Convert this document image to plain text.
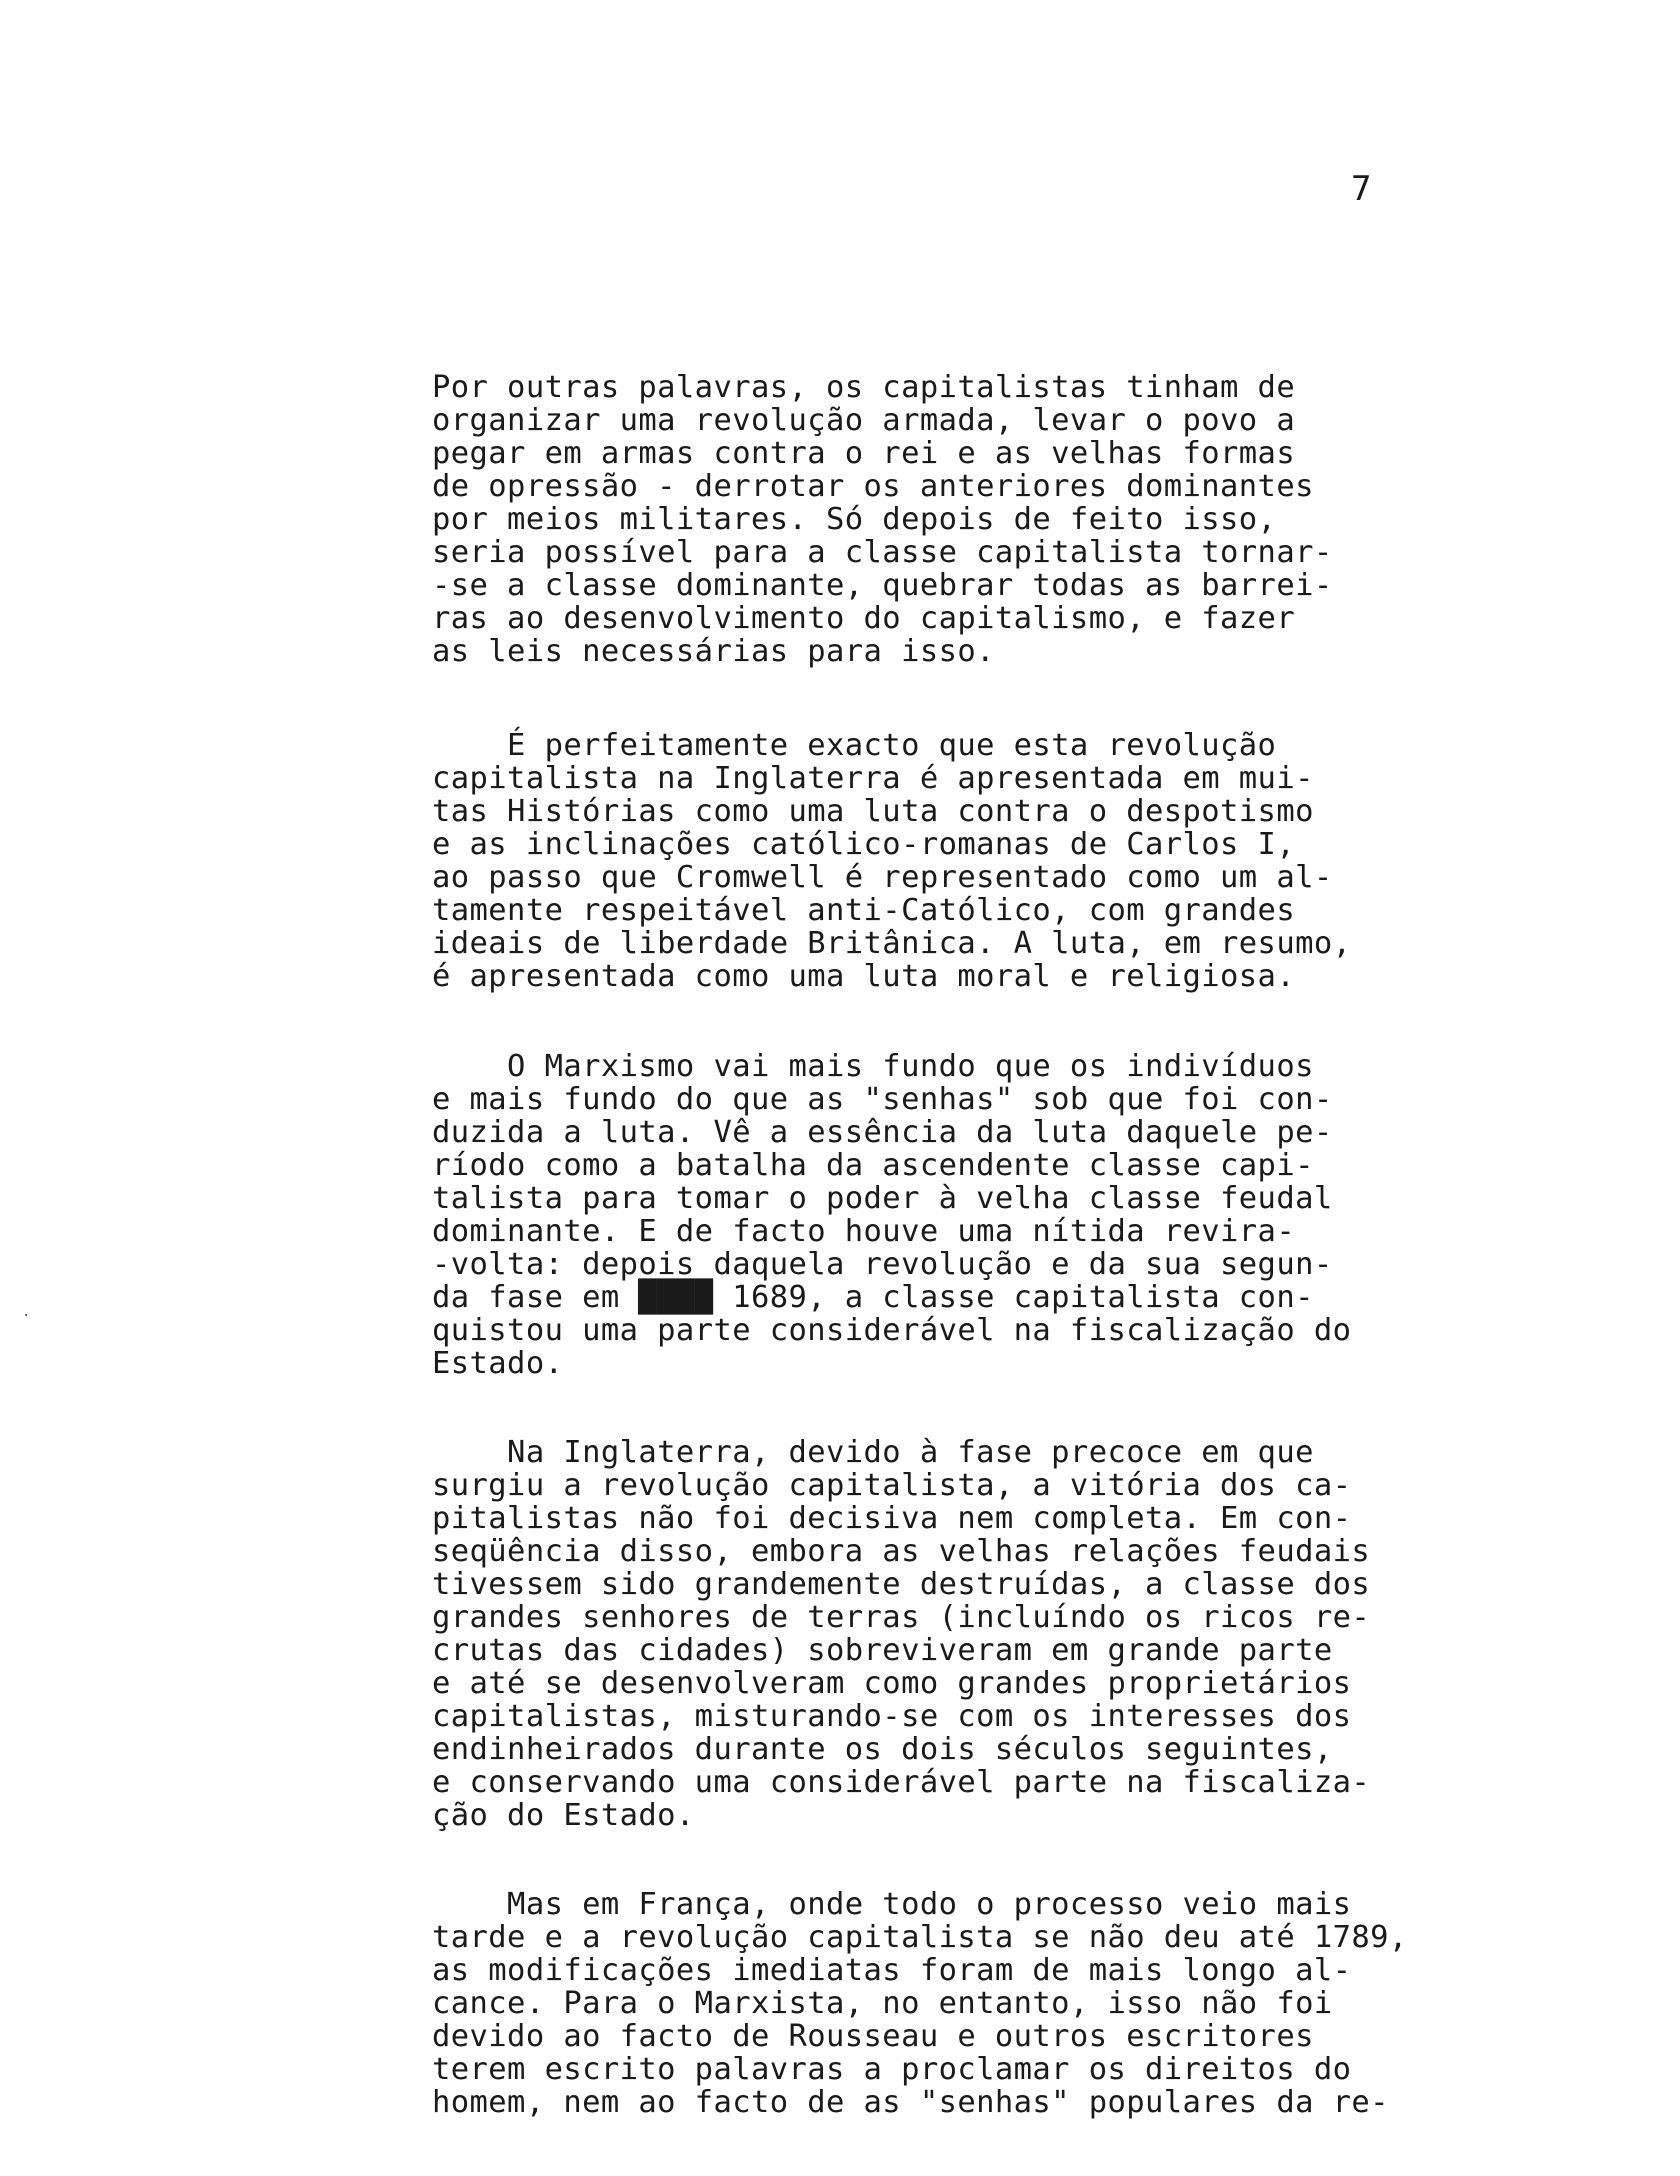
7
·
Por outras palavras, os capitalistas tinham de
organizar uma revolução armada, levar o povo a
pegar em armas contra o rei e as velhas formas
de opressão - derrotar os anteriores dominantes
por meios militares. Só depois de feito isso,
seria possível para a classe capitalista tornar-
-se a classe dominante, quebrar todas as barrei-
ras ao desenvolvimento do capitalismo, e fazer
as leis necessárias para isso.
É perfeitamente exacto que esta revolução
capitalista na Inglaterra é apresentada em mui-
tas Histórias como uma luta contra o despotismo
e as inclinações católico-romanas de Carlos I,
ao passo que Cromwell é representado como um al-
tamente respeitável anti-Católico, com grandes
ideais de liberdade Britânica. A luta, em resumo,
é apresentada como uma luta moral e religiosa.
O Marxismo vai mais fundo que os indivíduos
e mais fundo do que as "senhas" sob que foi con-
duzida a luta. Vê a essência da luta daquele pe-
ríodo como a batalha da ascendente classe capi-
talista para tomar o poder à velha classe feudal
dominante. E de facto houve uma nítida revira-
-volta: depois daquela revolução e da sua segun-
da fase em ████ 1689, a classe capitalista con-
quistou uma parte considerável na fiscalização do
Estado.
Na Inglaterra, devido à fase precoce em que
surgiu a revolução capitalista, a vitória dos ca-
pitalistas não foi decisiva nem completa. Em con-
seqüência disso, embora as velhas relações feudais
tivessem sido grandemente destruídas, a classe dos
grandes senhores de terras (incluíndo os ricos re-
crutas das cidades) sobreviveram em grande parte
e até se desenvolveram como grandes proprietários
capitalistas, misturando-se com os interesses dos
endinheirados durante os dois séculos seguintes,
e conservando uma considerável parte na fiscaliza-
ção do Estado.
Mas em França, onde todo o processo veio mais
tarde e a revolução capitalista se não deu até 1789,
as modificações imediatas foram de mais longo al-
cance. Para o Marxista, no entanto, isso não foi
devido ao facto de Rousseau e outros escritores
terem escrito palavras a proclamar os direitos do
homem, nem ao facto de as "senhas" populares da re-
